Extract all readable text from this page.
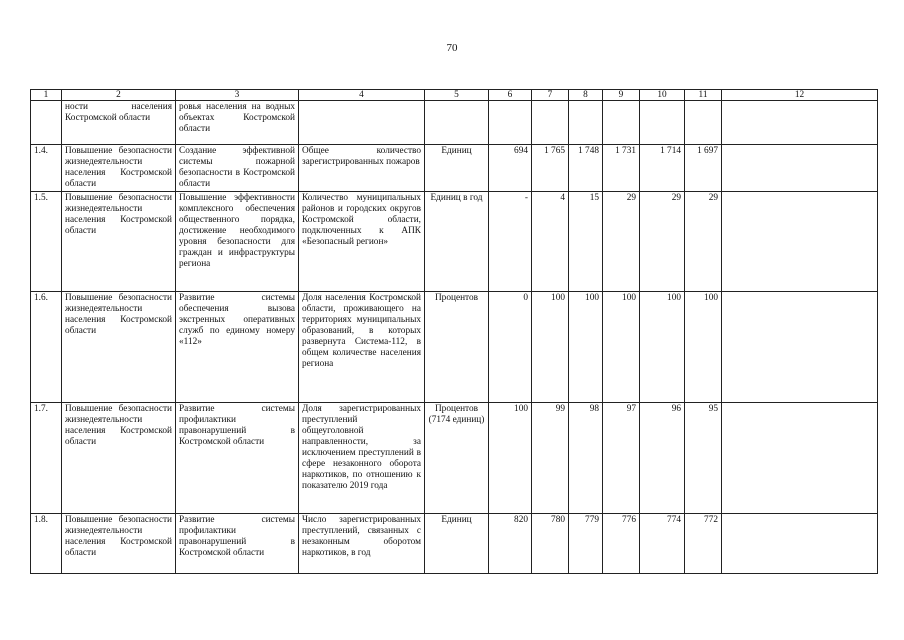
70
1	2	3	4	5	6	7	8	9	10	11	12
	ности населения Костромской области	ровья населения на водных объектах Костромской области									
1.4.	Повышение безопасности жизнедеятельности населения Костромской области	Создание эффективной системы пожарной безопасности в Костромской области	Общее количество зарегистрированных пожаров	Единиц	694	1 765	1 748	1 731	1 714	1 697	
1.5.	Повышение безопасности жизнедеятельности населения Костромской области	Повышение эффективности комплексного обеспечения общественного порядка, достижение необходимого уровня безопасности для граждан и инфраструктуры региона	Количество муниципальных районов и городских округов Костромской области, подключенных к АПК «Безопасный регион»	Единиц в год	-	4	15	29	29	29	
1.6.	Повышение безопасности жизнедеятельности населения Костромской области	Развитие системы обеспечения вызова экстренных оперативных служб по единому номеру «112»	Доля населения Костромской области, проживающего на территориях муниципальных образований, в которых развернута Система-112, в общем количестве населения региона	Процентов	0	100	100	100	100	100	
1.7.	Повышение безопасности жизнедеятельности населения Костромской области	Развитие системы профилактики правонарушений в Костромской области	Доля зарегистрированных преступлений общеуголовной направленности, за исключением преступлений в сфере незаконного оборота наркотиков, по отношению к показателю 2019 года	Процентов (7174 единиц)	100	99	98	97	96	95	
1.8.	Повышение безопасности жизнедеятельности населения Костромской области	Развитие системы профилактики правонарушений в Костромской области	Число зарегистрированных преступлений, связанных с незаконным оборотом наркотиков, в год	Единиц	820	780	779	776	774	772	
